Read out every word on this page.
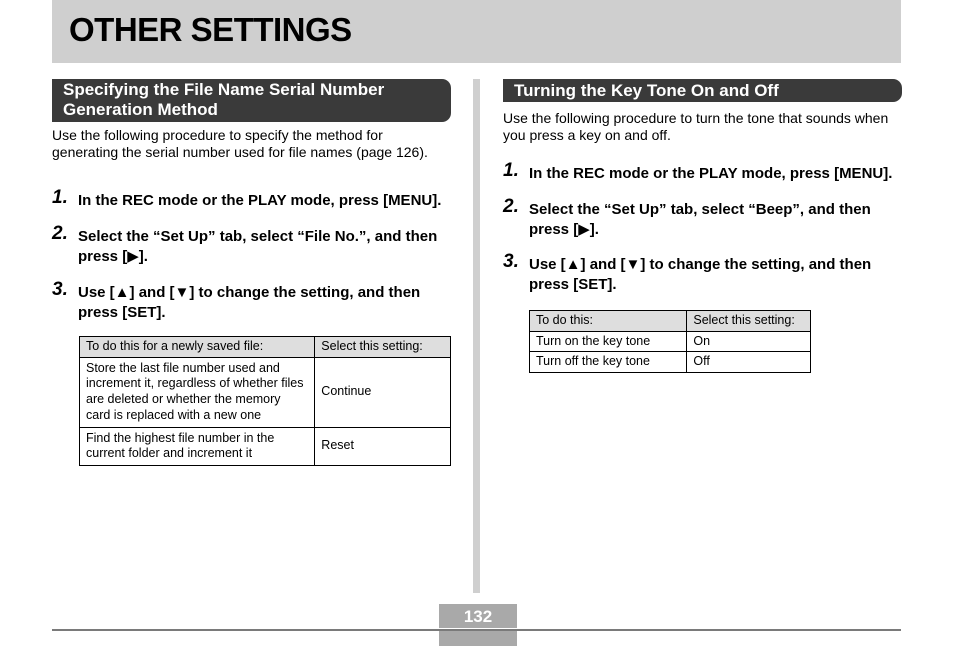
OTHER SETTINGS
Specifying the File Name Serial Number Generation Method

Use the following procedure to specify the method for generating the serial number used for file names (page 126).

1. In the REC mode or the PLAY mode, press [MENU].
2. Select the “Set Up” tab, select “File No.”, and then press [▶].
3. Use [▲] and [▼] to change the setting, and then press [SET].
To do this for a newly saved file:	Select this setting:
Store the last file number used and increment it, regardless of whether files are deleted or whether the memory card is replaced with a new one	Continue
Find the highest file number in the current folder and increment it	Reset
Turning the Key Tone On and Off

Use the following procedure to turn the tone that sounds when you press a key on and off.

1. In the REC mode or the PLAY mode, press [MENU].
2. Select the “Set Up” tab, select “Beep”, and then press [▶].
3. Use [▲] and [▼] to change the setting, and then press [SET].
To do this:	Select this setting:
Turn on the key tone	On
Turn off the key tone	Off
132
